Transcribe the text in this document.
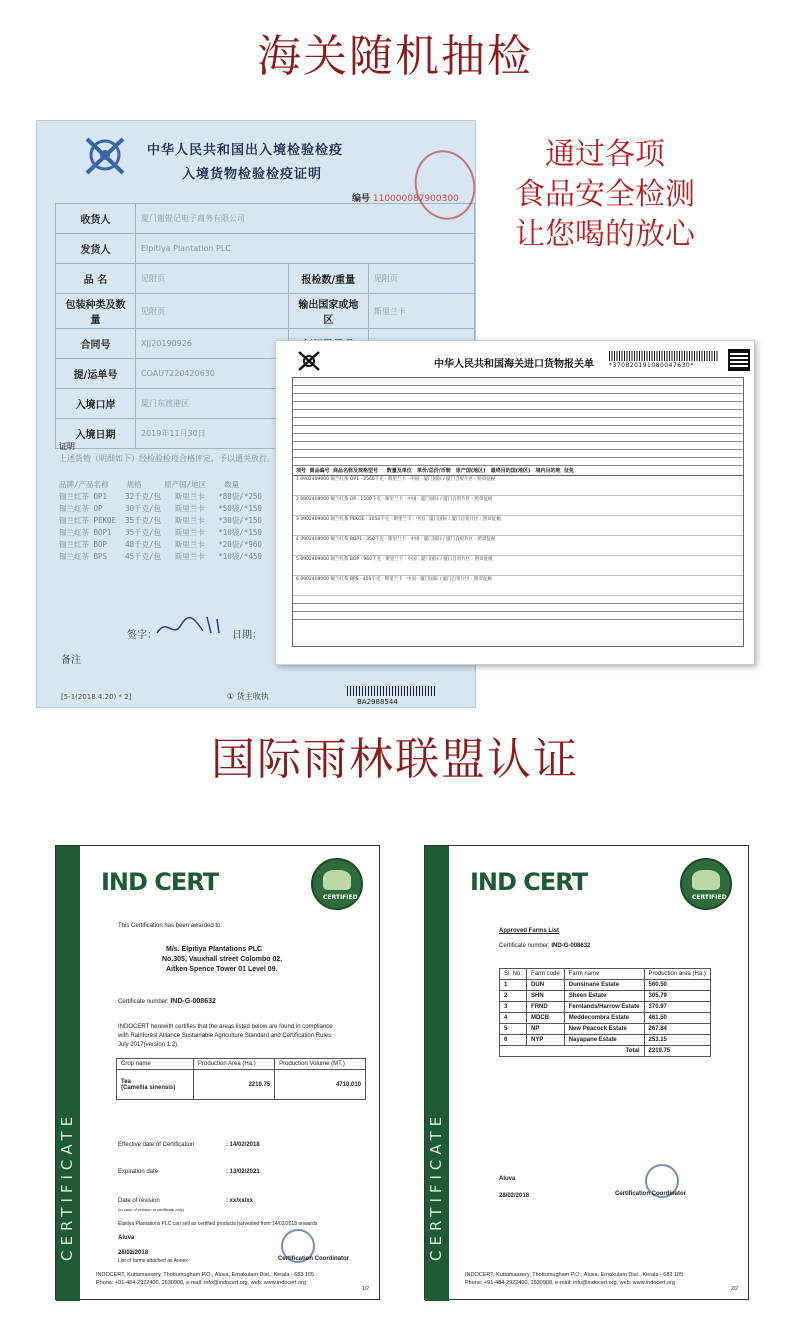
海关随机抽检
中华人民共和国出入境检验检疫
入境货物检验检疫证明
编号 110000087900300
收货人	厦门谢锟记电子商务有限公司		
发货人	Elpitiya Plantation PLC		
品 名	见附页	报检数/重量	见附页
包装种类及数量	见附页	输出国家或地区	斯里兰卡
合同号	XJJ20190926		
提/运单号	COAU7220420630		
入境口岸	厦门东渡港区		
入境日期	2019年11月30日		
证明
上述货物（明细如下）经检验检疫合格评定，予以通关放行。
品牌/产品名称    规格     原产国/地区    数量
锡兰红茶 OP1    32千克/包   斯里兰卡   *80袋/*250
锡兰红茶 OP     30千克/包   斯里兰卡   *50袋/*150
锡兰红茶 PEKOE  35千克/包   斯里兰卡   *30袋/*150
锡兰红茶 BOP1   35千克/包   斯里兰卡   *10袋/*150
锡兰红茶 BOP    48千克/包   斯里兰卡   *20袋/*960
锡兰红茶 BPS    45千克/包   斯里兰卡   *10袋/*450
签字：	日期：
备注
[5-1(2018.4.20) * 2]	① 货主收执
BA2988544
通过各项
食品安全检测
让您喝的放心
中华人民共和国海关进口货物报关单	*370820191080047630*
项号 商品编号 商品名称及规格型号 数量及单位 单价/总价/币制 原产国(地区) 最终目的国(地区) 境内目的地 征免
1 0902409000 锡兰红茶 OP1 · 2560千克 · 斯里兰卡 · 中国 · 厦门国际 / 厦门自贸片区 · 照章征税
2 0902409000 锡兰红茶 OP · 1500千克 · 斯里兰卡 · 中国 · 厦门国际 / 厦门自贸片区 · 照章征税
3 0902409000 锡兰红茶 PEKOE · 1050千克 · 斯里兰卡 · 中国 · 厦门国际 / 厦门自贸片区 · 照章征税
4 0902409000 锡兰红茶 BOP1 · 350千克 · 斯里兰卡 · 中国 · 厦门国际 / 厦门自贸片区 · 照章征税
5 0902409000 锡兰红茶 BOP · 960千克 · 斯里兰卡 · 中国 · 厦门国际 / 厦门自贸片区 · 照章征税
6 0902409000 锡兰红茶 BPS · 450千克 · 斯里兰卡 · 中国 · 厦门国际 / 厦门自贸片区 · 照章征税
国际雨林联盟认证
CERTIFICATE
IND CERT
CERTIFIED
This Certification has been awarded to:
M/s. Elpitiya Plantations PLC
No.305, Vauxhall street Colombo 02,
Aitken Spence Tower 01 Level 09.
Certificate number: IND-G-008632
INDOCERT herewith certifies that the areas listed below are found in compliance
with Rainforest Alliance Sustainable Agriculture Standard and Certification Rules
July 2017(version 1.2).
Crop name	Production Area (Ha.)	Production Volume (MT.)
Tea
(Camellia sinensis)	2219.75	4710.010
Effective date of Certification	: 14/02/2018
Expiration date	: 13/02/2021
Date of revision	: xx/xx/xx
(In case of revision of certificate only)
Elpitiya Plantations PLC can sell as certified products harvested from 14/02/2018 onwards
Aluva
28/02/2018
List of farms attached as Annex	Certification Coordinator
INDOCERT, Kuttamassery, Thottumugham P.O., Aluva, Ernakulam Dist., Kerala - 683 105
Phone: +91-484-2922400, 2630908, e-mail: info@indocert.org, web: www.indocert.org
1/2
CERTIFICATE
IND CERT
CERTIFIED
Approved Farms List
Certificate number: IND-G-008632
Sl. No:	Farm code	Farm name	Production area (Ha.)
1	DUN	Dunsinane Estate	560.50
2	SHN	Sheen Estate	305.79
3	FRND	Fernlands/Harrow Estate	370.97
4	MDCB	Meddecombra Estate	461.50
5	NP	New Peacock Estate	267.84
6	NYP	Nayapane Estate	253.15
Total			2219.75
Aluva
28/02/2018	Certification Coordinator
INDOCERT, Kuttamassery, Thottumugham P.O., Aluva, Ernakulam Dist., Kerala - 683 105
Phone: +91-484-2922400, 2630908, e-mail: info@indocert.org, web: www.indocert.org
2/2
